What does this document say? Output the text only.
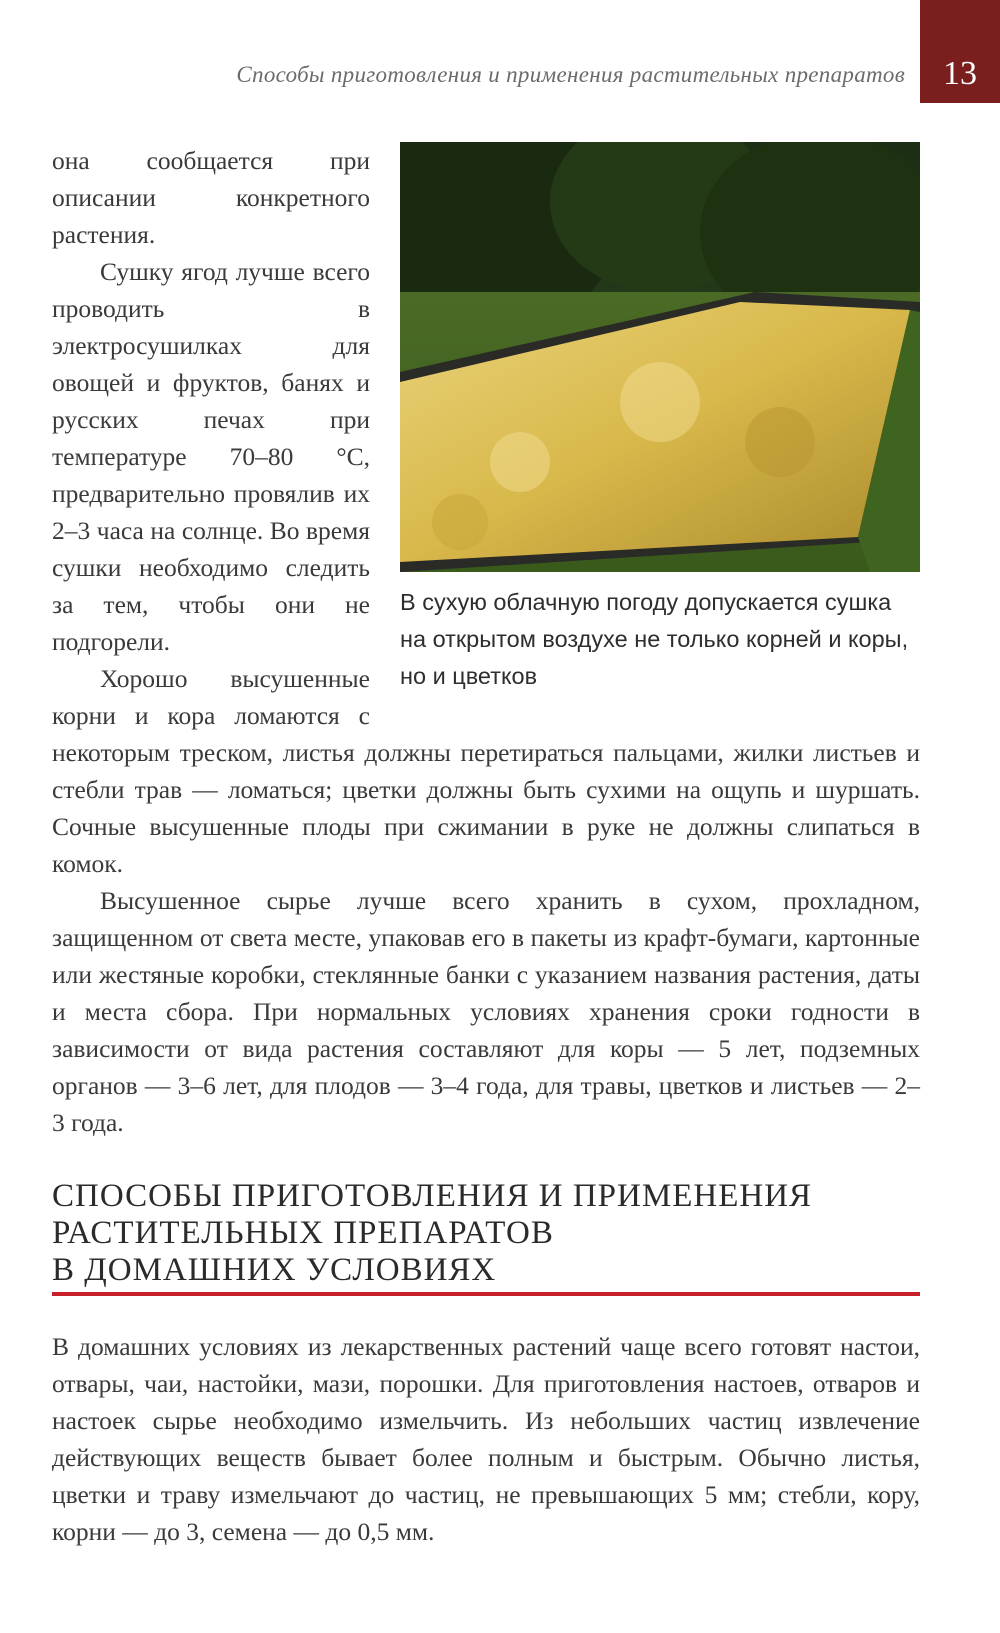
Способы приготовления и применения растительных препаратов 13
В сухую облачную погоду допускается сушка на открытом воздухе не только корней и коры, но и цветков

она сообщается при описании конкретного растения.

Сушку ягод лучше всего проводить в электросушилках для овощей и фруктов, банях и русских печах при температуре 70–80 °С, предварительно провялив их 2–3 часа на солнце. Во время сушки необходимо следить за тем, чтобы они не подгорели.

Хорошо высушенные корни и кора ломаются с некоторым треском, листья должны перетираться пальцами, жилки листьев и стебли трав — ломаться; цветки должны быть сухими на ощупь и шуршать. Сочные высушенные плоды при сжимании в руке не должны слипаться в комок.

Высушенное сырье лучше всего хранить в сухом, прохладном, защищенном от света месте, упаковав его в пакеты из крафт-бумаги, картонные или жестяные коробки, стеклянные банки с указанием названия растения, даты и места сбора. При нормальных условиях хранения сроки годности в зависимости от вида растения составляют для коры — 5 лет, подземных органов — 3–6 лет, для плодов — 3–4 года, для травы, цветков и листьев — 2–3 года.

СПОСОБЫ ПРИГОТОВЛЕНИЯ И ПРИМЕНЕНИЯ
РАСТИТЕЛЬНЫХ ПРЕПАРАТОВ
В ДОМАШНИХ УСЛОВИЯХ

В домашних условиях из лекарственных растений чаще всего готовят настои, отвары, чаи, настойки, мази, порошки. Для приготовления настоев, отваров и настоек сырье необходимо измельчить. Из небольших частиц извлечение действующих веществ бывает более полным и быстрым. Обычно листья, цветки и траву измельчают до частиц, не превышающих 5 мм; стебли, кору, корни — до 3, семена — до 0,5 мм.
